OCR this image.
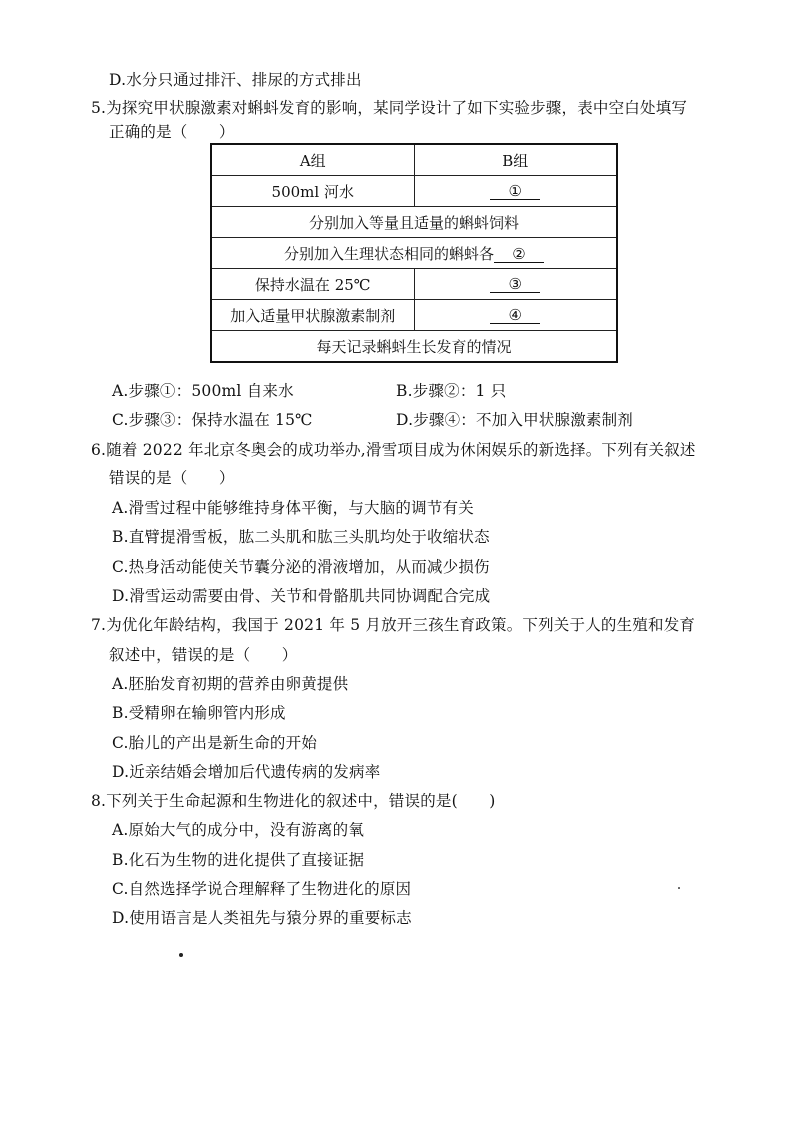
D.水分只通过排汗、排尿的方式排出
5.为探究甲状腺激素对蝌蚪发育的影响，某同学设计了如下实验步骤，表中空白处填写
正确的是（　　）
A组	B组
500ml 河水	①
分别加入等量且适量的蝌蚪饲料	
分别加入生理状态相同的蝌蚪各 ②	
保持水温在 25℃	③
加入适量甲状腺激素制剂	④
每天记录蝌蚪生长发育的情况	
A.步骤①：500ml 自来水	B.步骤②：1 只
C.步骤③：保持水温在 15℃	D.步骤④：不加入甲状腺激素制剂
6.随着 2022 年北京冬奥会的成功举办,滑雪项目成为休闲娱乐的新选择。下列有关叙述
错误的是（　　）
A.滑雪过程中能够维持身体平衡，与大脑的调节有关
B.直臂提滑雪板，肱二头肌和肱三头肌均处于收缩状态
C.热身活动能使关节囊分泌的滑液增加，从而减少损伤
D.滑雪运动需要由骨、关节和骨骼肌共同协调配合完成
7.为优化年龄结构，我国于 2021 年 5 月放开三孩生育政策。下列关于人的生殖和发育
叙述中，错误的是（　　）
A.胚胎发育初期的营养由卵黄提供
B.受精卵在输卵管内形成
C.胎儿的产出是新生命的开始
D.近亲结婚会增加后代遗传病的发病率
8.下列关于生命起源和生物进化的叙述中，错误的是(　　)
A.原始大气的成分中，没有游离的氧
B.化石为生物的进化提供了直接证据
C.自然选择学说合理解释了生物进化的原因
D.使用语言是人类祖先与猿分界的重要标志
